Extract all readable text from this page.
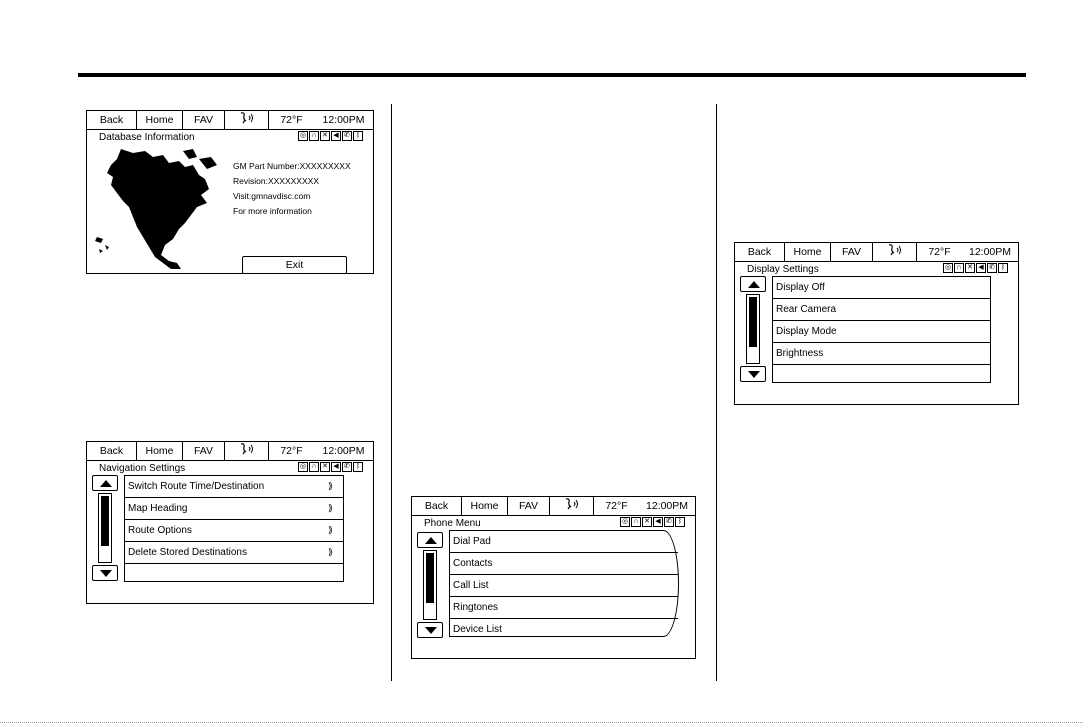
Back	Home	FAV	72°F	12:00PM
Database Information	◎ ∩ ✕ ◀ ✆ ᛒ
GM Part Number:XXXXXXXXX
Revision:XXXXXXXXX
Visit:gmnavdisc.com
For more information
Exit
Back	Home	FAV	72°F	12:00PM
Navigation Settings	◎ ∩ ✕ ◀ ✆ ᛒ
Switch Route Time/Destination	⟫
Map Heading	⟫
Route Options	⟫
Delete Stored Destinations	⟫
Back	Home	FAV	72°F	12:00PM
Phone Menu	◎ ∩ ✕ ◀ ✆ ᛒ
Dial Pad
Contacts
Call List
Ringtones
Device List
Back	Home	FAV	72°F	12:00PM
Display Settings	◎ ∩ ✕ ◀ ✆ ᛒ
Display Off
Rear Camera
Display Mode
Brightness
